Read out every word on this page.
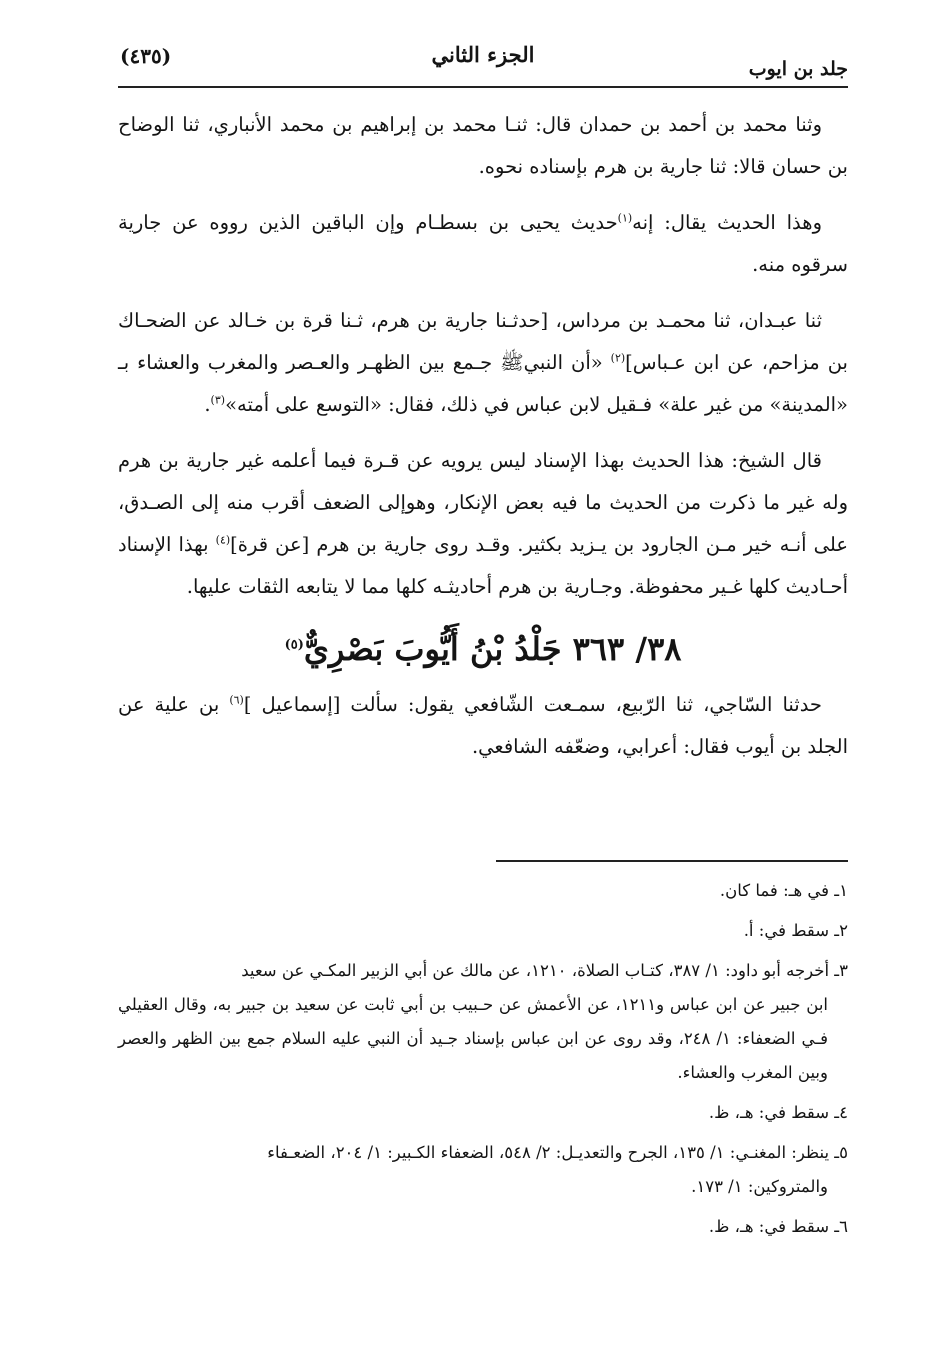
جلد بن ايوب
الجزء الثاني
(٤٣٥)

وثنا محمد بن أحمد بن حمدان قال: ثنـا محمد بن إبراهيم بن محمد الأنباري، ثنا الوضاح بن حسان قالا: ثنا جارية بن هرم بإسناده نحوه.

وهذا الحديث يقال: إنه$^{(١)}$حديث يحيى بن بسطـام وإن الباقين الذين رووه عن جارية سرقوه منه.

ثنا عبـدان، ثنا محمـد بن مرداس، [حدثـنا جارية بن هرم، ثـنا قرة بن خـالد عن الضحـاك بن مزاحم، عن ابن عـباس]$^{(٢)}$ «أن النبيﷺ جـمع بين الظهـر والعـصر والمغرب والعشاء بـ «المدينة» من غير علة» فـقيل لابن عباس في ذلك، فقال: «التوسع على أمته»$^{(٣)}$.

قال الشيخ: هذا الحديث بهذا الإسناد ليس يرويه عن قـرة فيما أعلمه غير جارية بن هرم وله غير ما ذكرت من الحديث ما فيه بعض الإنكار، وهوإلى الضعف أقرب منه إلى الصـدق، على أنـه خير مـن الجارود بن يـزيد بكثير. وقـد روى جارية بن هرم [عن قرة]$^{(٤)}$ بهذا الإسناد أحـاديث كلها غـير محفوظة. وجـارية بن هرم أحاديثـه كلها مما لا يتابعه الثقات عليها.

٣٨/ ٣٦٣ جَلْدُ بْنُ أَيُّوبَ بَصْرِيٌّ$^{(٥)}$

حدثنا السّاجي، ثنا الرّبيع، سمـعت الشّافعي يقول: سألت [إسماعيل ]$^{(٦)}$ بن علية عن الجلد بن أيوب فقال: أعرابي، وضعّفه الشافعي.

١ـ في هـ: فما كان.
٢ـ سقط في: أ.
٣ـ أخرجه أبو داود: ١/ ٣٨٧، كتـاب الصلاة، ١٢١٠، عن مالك عن أبي الزبير المكـي عن سعيد
ابن جبير عن ابن عباس و١٢١١، عن الأعمش عن حـبيب بن أبي ثابت عن سعيد بن جبير به، وقال العقيلي فـي الضعفاء: ١/ ٢٤٨، وقد روى عن ابن عباس بإسناد جـيد أن النبي عليه السلام جمع بين الظهر والعصر وبين المغرب والعشاء.
٤ـ سقط في: هـ، ظ.
٥ـ ينظر: المغنـي: ١/ ١٣٥، الجرح والتعديـل: ٢/ ٥٤٨، الضعفاء الكـبير: ١/ ٢٠٤، الضعـفاء
والمتروكين: ١/ ١٧٣.
٦ـ سقط في: هـ، ظ.
